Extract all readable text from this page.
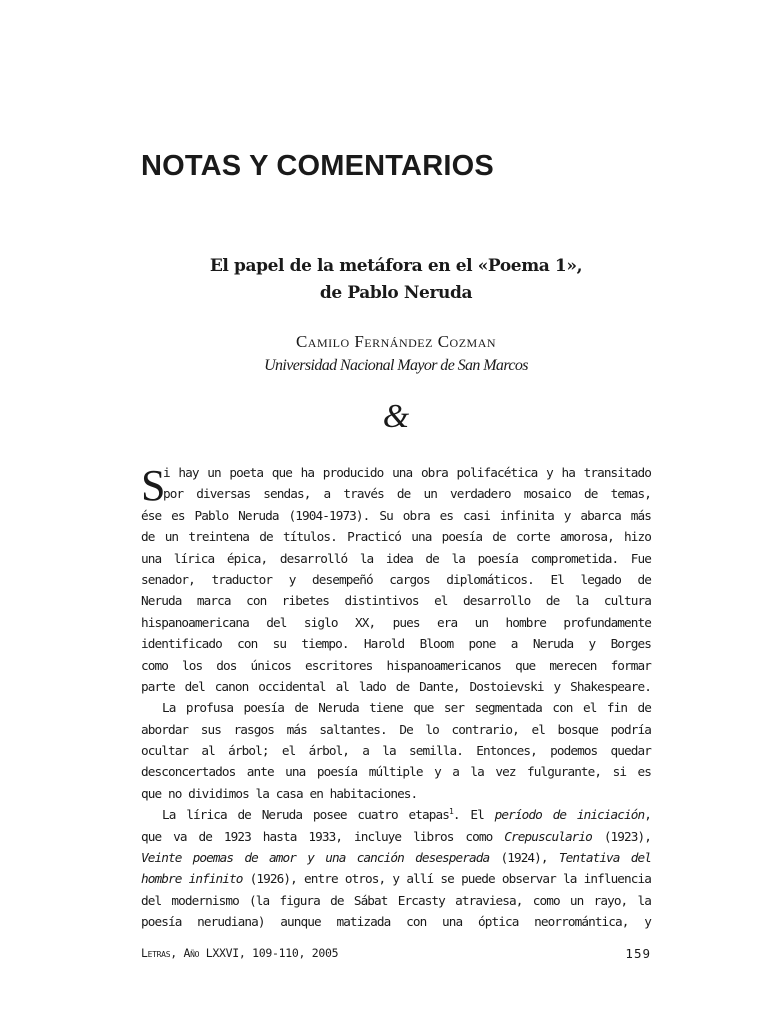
NOTAS Y COMENTARIOS
El papel de la metáfora en el «Poema 1»,
de Pablo Neruda
Camilo Fernández Cozman
Universidad Nacional Mayor de San Marcos
&
S
i hay un poeta que ha producido una obra polifacética y ha transitado
por diversas sendas, a través de un verdadero mosaico de temas,
ése es Pablo Neruda (1904-1973). Su obra es casi infinita y abarca más
de un treintena de títulos. Practicó una poesía de corte amorosa, hizo
una lírica épica, desarrolló la idea de la poesía comprometida. Fue
senador, traductor y desempeñó cargos diplomáticos. El legado de
Neruda marca con ribetes distintivos el desarrollo de la cultura
hispanoamericana del siglo XX, pues era un hombre profundamente
identificado con su tiempo. Harold Bloom pone a Neruda y Borges
como los dos únicos escritores hispanoamericanos que merecen formar
parte del canon occidental al lado de Dante, Dostoievski y Shakespeare.
La profusa poesía de Neruda tiene que ser segmentada con el fin de
abordar sus rasgos más saltantes. De lo contrario, el bosque podría
ocultar al árbol; el árbol, a la semilla. Entonces, podemos quedar
desconcertados ante una poesía múltiple y a la vez fulgurante, si es
que no dividimos la casa en habitaciones.
La lírica de Neruda posee cuatro etapas$^1$. El período de iniciación,
que va de 1923 hasta 1933, incluye libros como Crepusculario (1923),
Veinte poemas de amor y una canción desesperada (1924), Tentativa del
hombre infinito (1926), entre otros, y allí se puede observar la influencia
del modernismo (la figura de Sábat Ercasty atraviesa, como un rayo, la
poesía nerudiana) aunque matizada con una óptica neorromántica, y
Letras, Año LXXVI, 109-110, 2005	159
